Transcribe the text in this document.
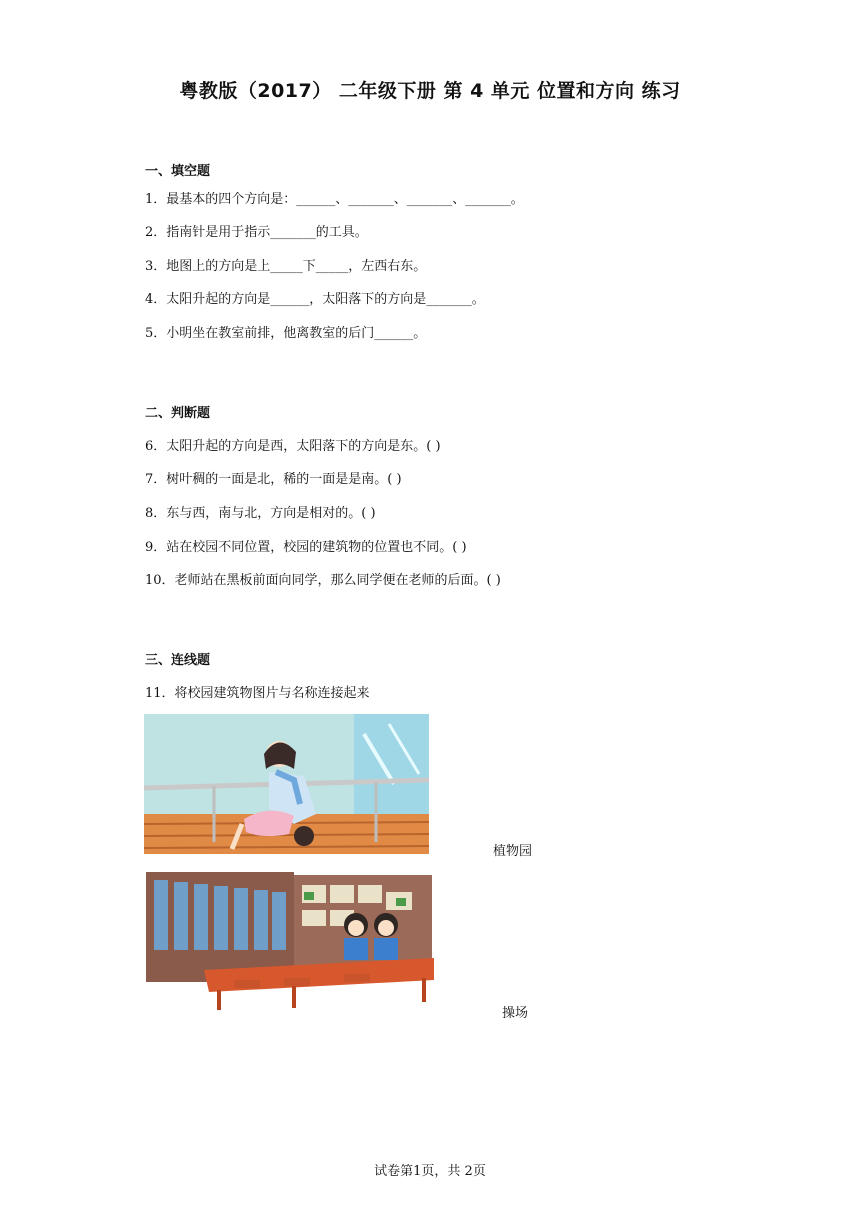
粤教版（2017） 二年级下册 第 4 单元 位置和方向 练习
一、填空题
1．最基本的四个方向是：______、_______、_______、_______。
2．指南针是用于指示_______的工具。
3．地图上的方向是上_____下_____，左西右东。
4．太阳升起的方向是______，太阳落下的方向是_______。
5．小明坐在教室前排，他离教室的后门______。
二、判断题
6．太阳升起的方向是西，太阳落下的方向是东。( )
7．树叶稠的一面是北，稀的一面是是南。( )
8．东与西，南与北，方向是相对的。( )
9．站在校园不同位置，校园的建筑物的位置也不同。( )
10．老师站在黑板前面向同学，那么同学便在老师的后面。( )
三、连线题
11．将校园建筑物图片与名称连接起来
植物园
操场
试卷第1页，共 2页
